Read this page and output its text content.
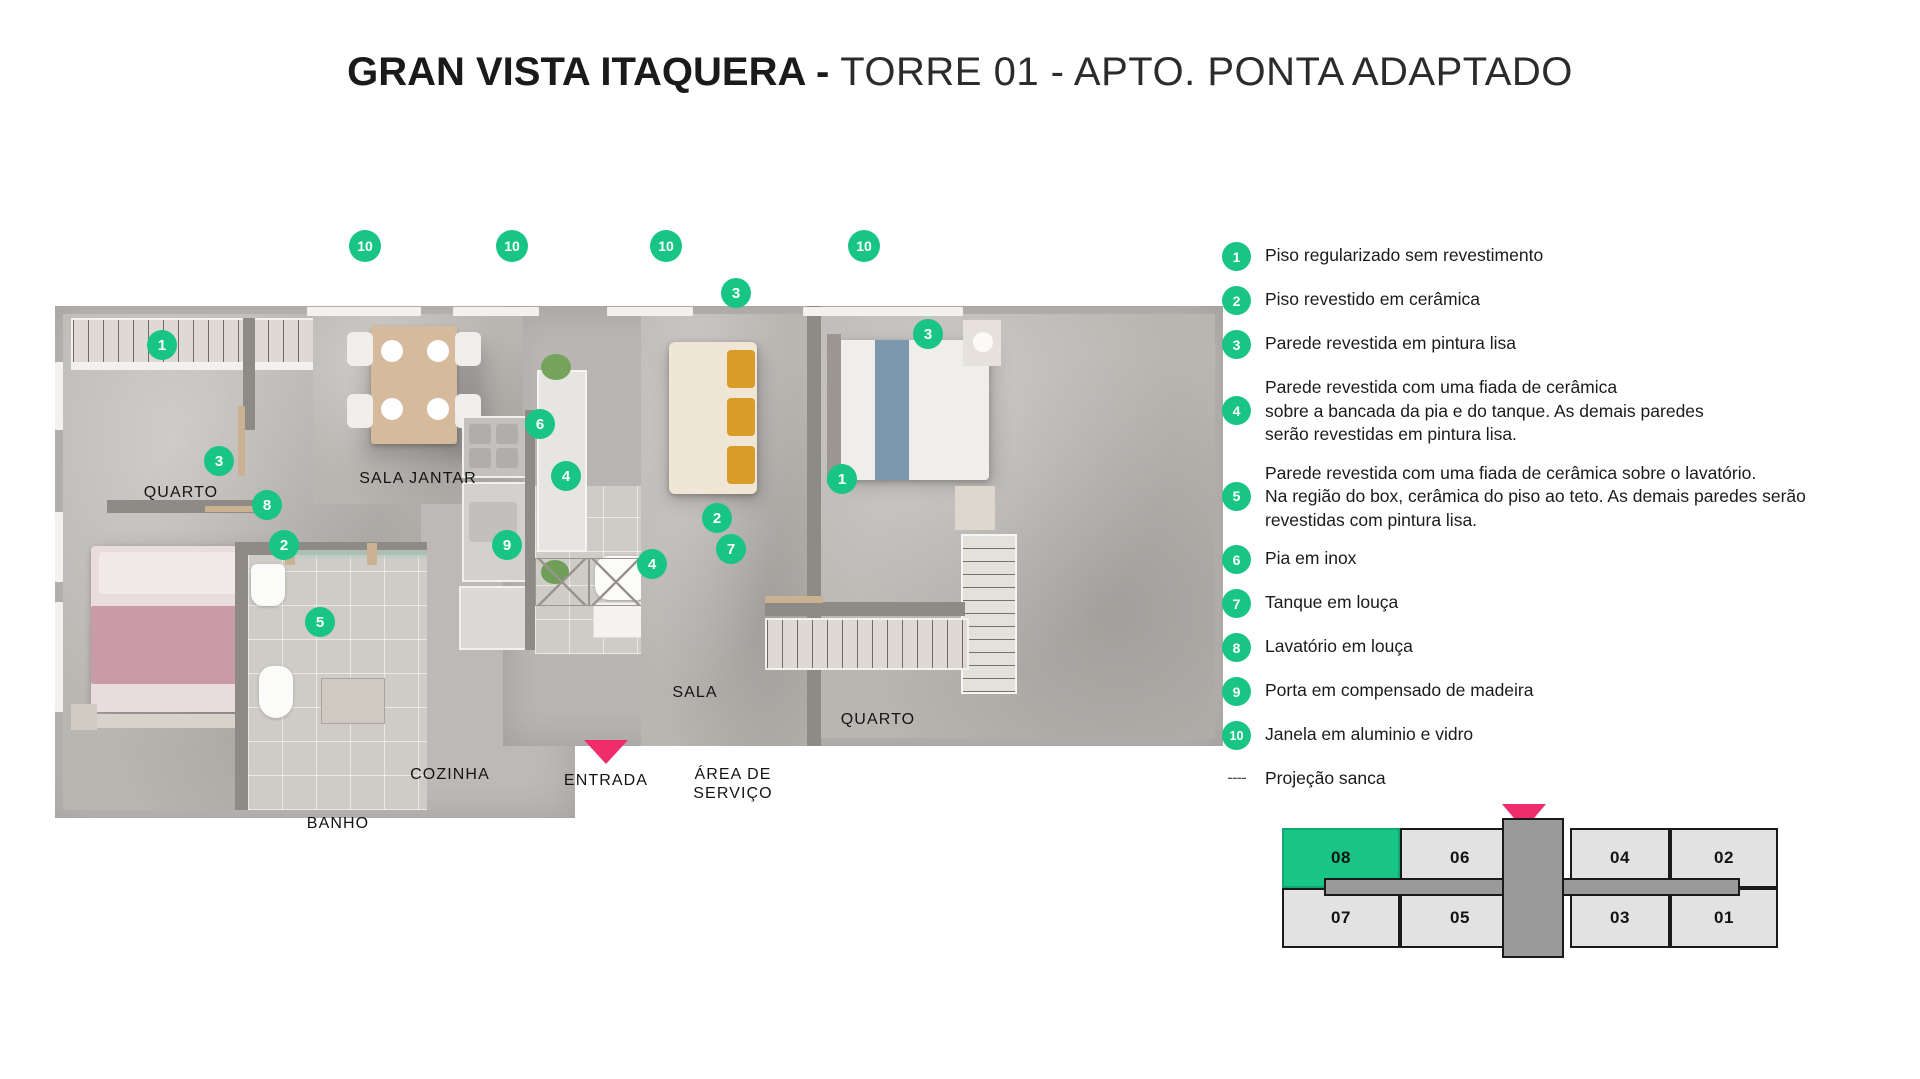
GRAN VISTA ITAQUERA - TORRE 01 - APTO. PONTA ADAPTADO
QUARTO
SALA JANTAR
COZINHA
BANHO
SALA
ÁREA DE
SERVIÇO
QUARTO
10	10	10	10
3
3
1
6
3
4	1
8
2
2	9	7
4
5
ENTRADA
1	Piso regularizado sem revestimento
2	Piso revestido em cerâmica
3	Parede revestida em pintura lisa
4
Parede revestida com uma fiada de cerâmica
sobre a bancada da pia e do tanque. As demais paredes
serão revestidas em pintura lisa.
5
Parede revestida com uma fiada de cerâmica sobre o lavatório.
Na região do box, cerâmica do piso ao teto. As demais paredes serão
revestidas com pintura lisa.
6	Pia em inox
7	Tanque em louça
8	Lavatório em louça
9	Porta em compensado de madeira
10	Janela em aluminio e vidro
---- Projeção sanca
08	06	04	02
07	05	03	01
